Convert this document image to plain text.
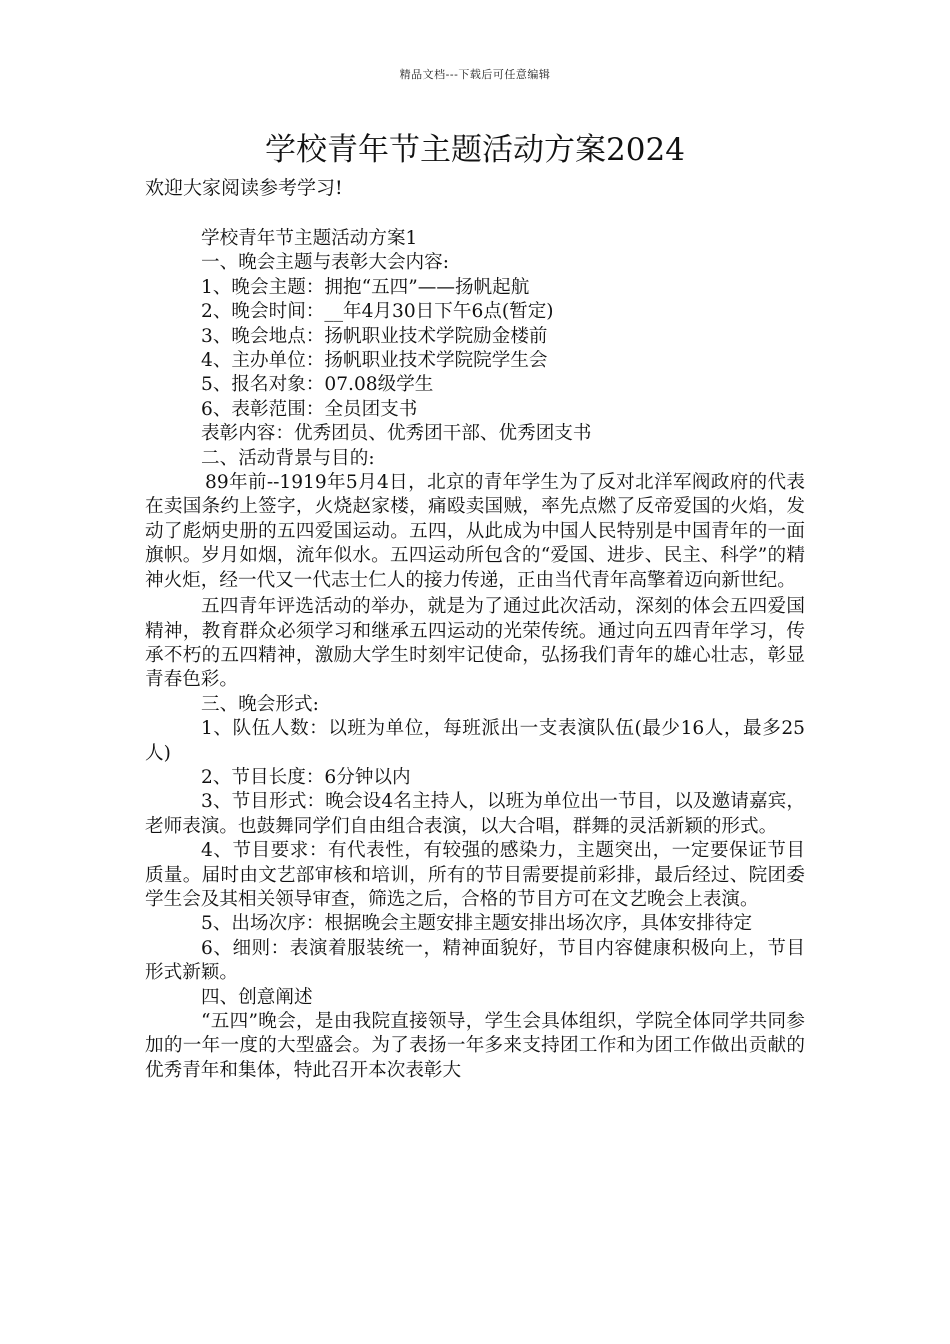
精品文档---下载后可任意编辑
学校青年节主题活动方案2024
欢迎大家阅读参考学习!

学校青年节主题活动方案1

一、晚会主题与表彰大会内容:

1、晚会主题：拥抱“五四”——扬帆起航

2、晚会时间：__年4月30日下午6点(暂定)

3、晚会地点：扬帆职业技术学院励金楼前

4、主办单位：扬帆职业技术学院院学生会

5、报名对象：07.08级学生

6、表彰范围：全员团支书

表彰内容：优秀团员、优秀团干部、优秀团支书

二、活动背景与目的:

89年前--1919年5月4日，北京的青年学生为了反对北洋军阀政府的代表在卖国条约上签字，火烧赵家楼，痛殴卖国贼，率先点燃了反帝爱国的火焰，发动了彪炳史册的五四爱国运动。五四，从此成为中国人民特别是中国青年的一面旗帜。岁月如烟，流年似水。五四运动所包含的“爱国、进步、民主、科学”的精神火炬，经一代又一代志士仁人的接力传递，正由当代青年高擎着迈向新世纪。

五四青年评选活动的举办，就是为了通过此次活动，深刻的体会五四爱国精神，教育群众必须学习和继承五四运动的光荣传统。通过向五四青年学习，传承不朽的五四精神，激励大学生时刻牢记使命，弘扬我们青年的雄心壮志，彰显青春色彩。

三、晚会形式:

1、队伍人数：以班为单位，每班派出一支表演队伍(最少16人，最多25人)

2、节目长度：6分钟以内

3、节目形式：晚会设4名主持人，以班为单位出一节目，以及邀请嘉宾，老师表演。也鼓舞同学们自由组合表演，以大合唱，群舞的灵活新颖的形式。

4、节目要求：有代表性，有较强的感染力，主题突出，一定要保证节目质量。届时由文艺部审核和培训，所有的节目需要提前彩排，最后经过、院团委学生会及其相关领导审查，筛选之后，合格的节目方可在文艺晚会上表演。

5、出场次序：根据晚会主题安排主题安排出场次序，具体安排待定

6、细则：表演着服装统一，精神面貌好，节目内容健康积极向上，节目形式新颖。

四、创意阐述

“五四”晚会，是由我院直接领导，学生会具体组织，学院全体同学共同参加的一年一度的大型盛会。为了表扬一年多来支持团工作和为团工作做出贡献的优秀青年和集体，特此召开本次表彰大
